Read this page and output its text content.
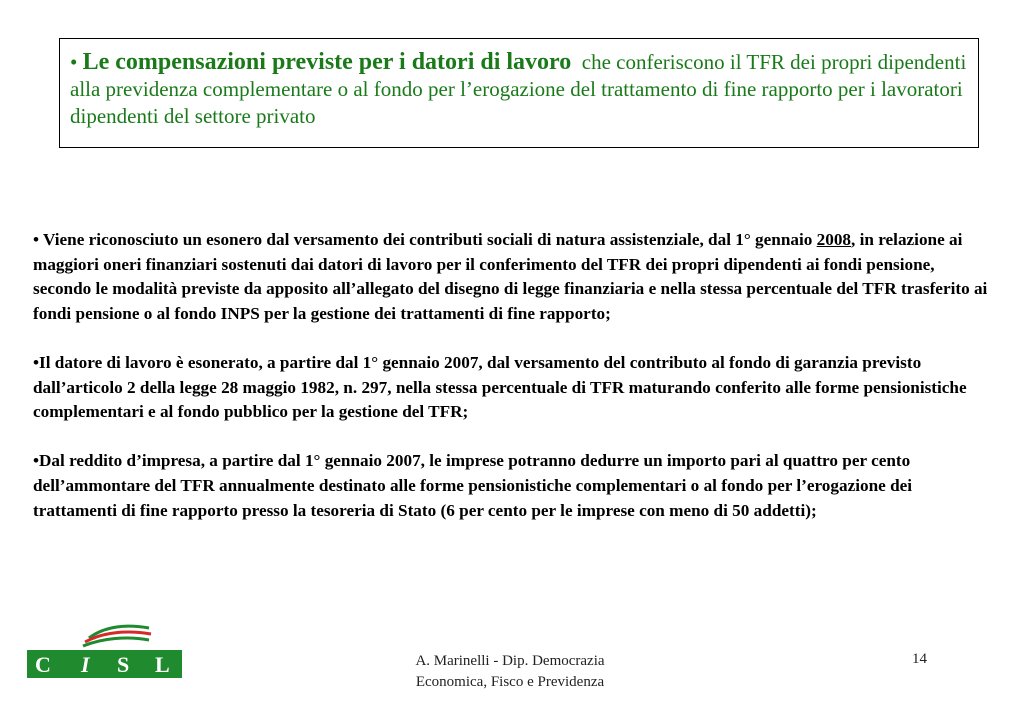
• Le compensazioni previste per i datori di lavoro che conferiscono il TFR dei propri dipendenti alla previdenza complementare o al fondo per l’erogazione del trattamento di fine rapporto per i lavoratori dipendenti del settore privato

• Viene riconosciuto un esonero dal versamento dei contributi sociali di natura assistenziale, dal 1° gennaio 2008, in relazione ai maggiori oneri finanziari sostenuti dai datori di lavoro per il conferimento del TFR dei propri dipendenti ai fondi pensione, secondo le modalità previste da apposito all’allegato del disegno di legge finanziaria e nella stessa percentuale del TFR trasferito ai fondi pensione o al fondo INPS per la gestione dei trattamenti di fine rapporto;

•Il datore di lavoro è esonerato, a partire dal 1° gennaio 2007, dal versamento del contributo al fondo di garanzia previsto dall’articolo 2 della legge 28 maggio 1982, n. 297, nella stessa percentuale di TFR maturando conferito alle forme pensionistiche complementari e al fondo pubblico per la gestione del TFR;

•Dal reddito d’impresa, a partire dal 1° gennaio 2007, le imprese potranno dedurre un importo pari al quattro per cento dell’ammontare del TFR annualmente destinato alle forme pensionistiche complementari o al fondo per l’erogazione dei trattamenti di fine rapporto presso la tesoreria di Stato (6 per cento per le imprese con meno di 50 addetti);

C I S L	A. Marinelli - Dip. Democrazia
Economica, Fisco e Previdenza
14
